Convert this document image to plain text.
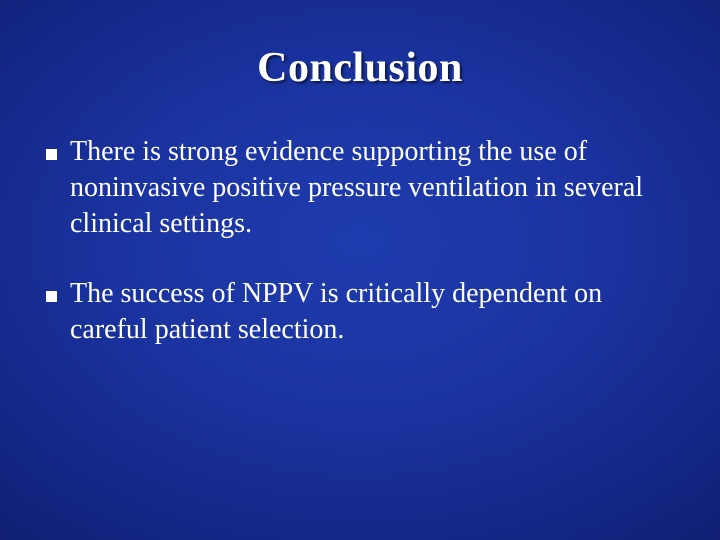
Conclusion
There is strong evidence supporting the use of noninvasive positive pressure ventilation in several clinical settings.
The success of NPPV is critically dependent on careful patient selection.
